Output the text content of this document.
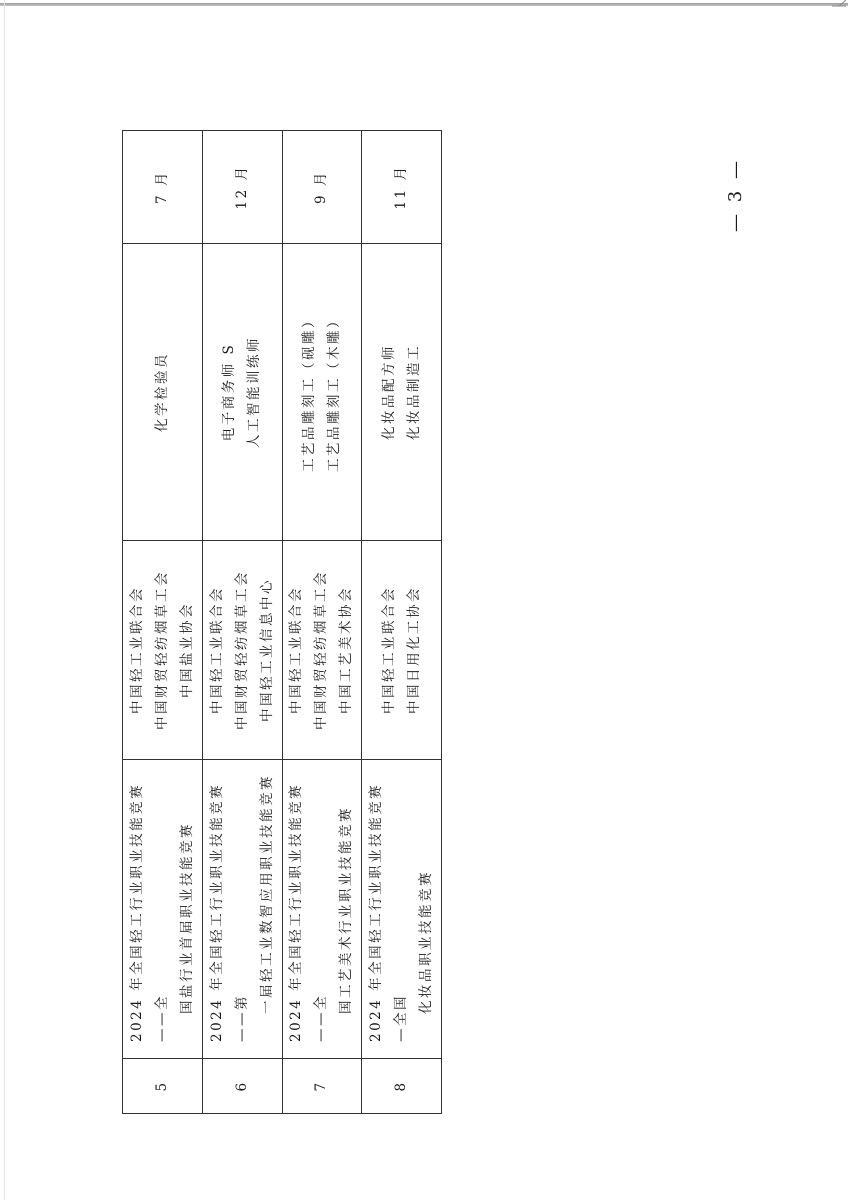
5	2024 年全国轻工行业职业技能竞赛——全
国盐行业首届职业技能竞赛	中国轻工业联合会 中国财贸轻纺烟草工会 中国盐业协会	化学检验员	7 月
6	2024 年全国轻工行业职业技能竞赛——第
一届轻工业数智应用职业技能竞赛	中国轻工业联合会 中国财贸轻纺烟草工会 中国轻工业信息中心	电子商务师 S 人工智能训练师	12 月
7	2024 年全国轻工行业职业技能竞赛——全
国工艺美术行业职业技能竞赛	中国轻工业联合会 中国财贸轻纺烟草工会 中国工艺美术协会	工艺品雕刻工（砚雕） 工艺品雕刻工（木雕）	9 月
8	2024 年全国轻工行业职业技能竞赛—全国
化妆品职业技能竞赛	中国轻工业联合会 中国日用化工协会	化妆品配方师 化妆品制造工	11 月	— 3 —
